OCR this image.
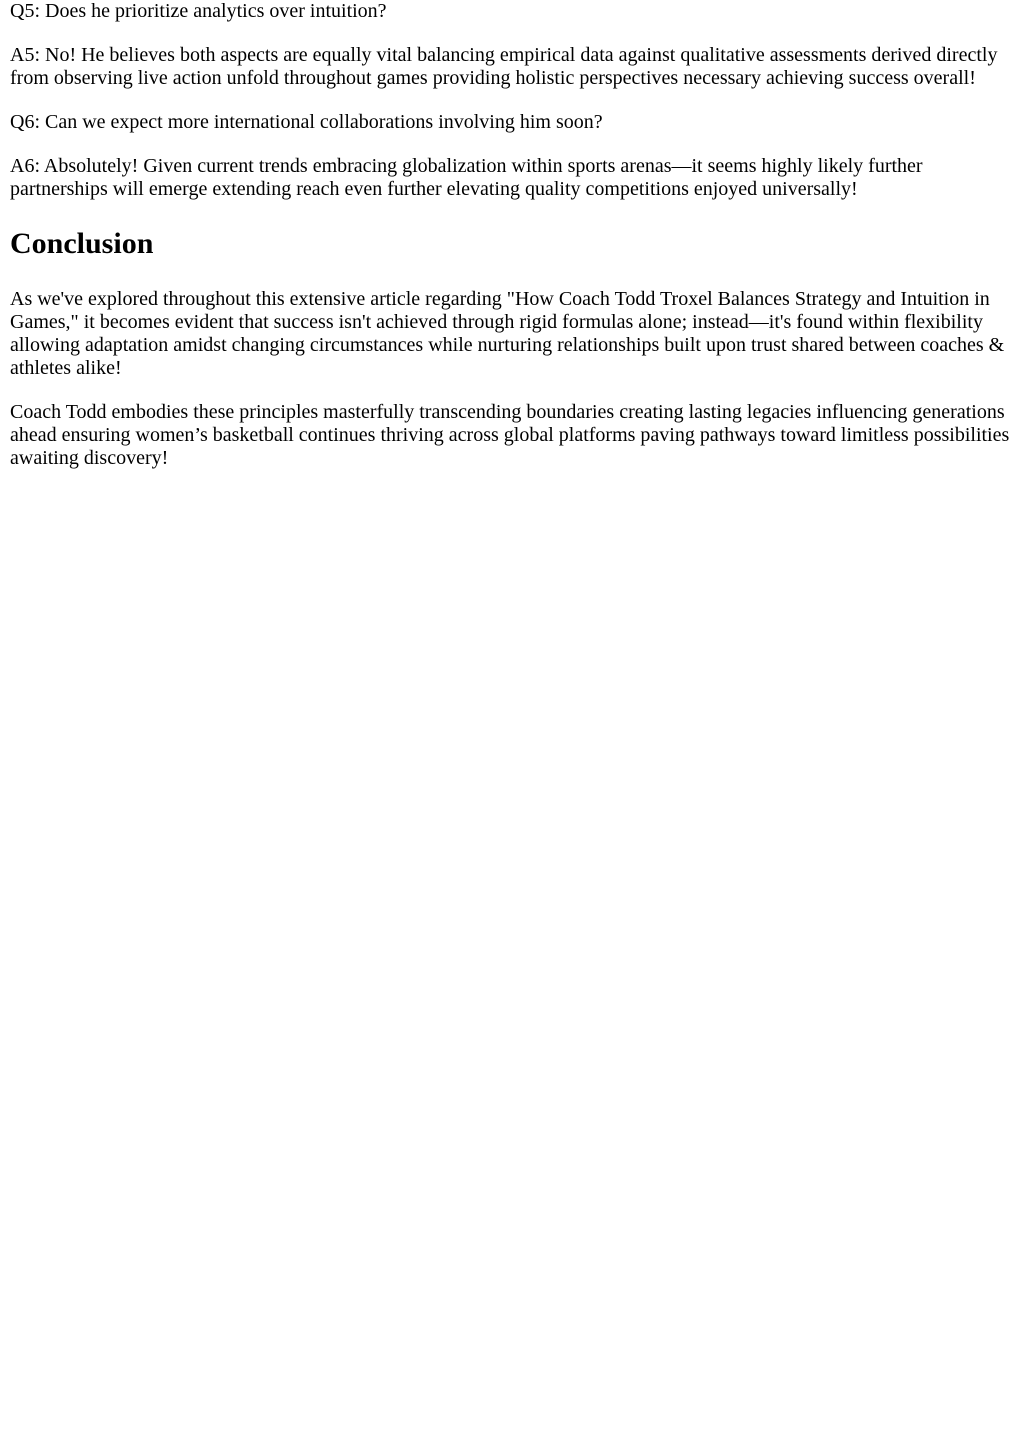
Q5: Does he prioritize analytics over intuition?

A5: No! He believes both aspects are equally vital balancing empirical data against qualitative assessments derived directly from observing live action unfold throughout games providing holistic perspectives necessary achieving success overall!

Q6: Can we expect more international collaborations involving him soon?

A6: Absolutely! Given current trends embracing globalization within sports arenas—it seems highly likely further partnerships will emerge extending reach even further elevating quality competitions enjoyed universally!

Conclusion

As we've explored throughout this extensive article regarding "How Coach Todd Troxel Balances Strategy and Intuition in Games," it becomes evident that success isn't achieved through rigid formulas alone; instead—it's found within flexibility allowing adaptation amidst changing circumstances while nurturing relationships built upon trust shared between coaches & athletes alike!

Coach Todd embodies these principles masterfully transcending boundaries creating lasting legacies influencing generations ahead ensuring women’s basketball continues thriving across global platforms paving pathways toward limitless possibilities awaiting discovery!
